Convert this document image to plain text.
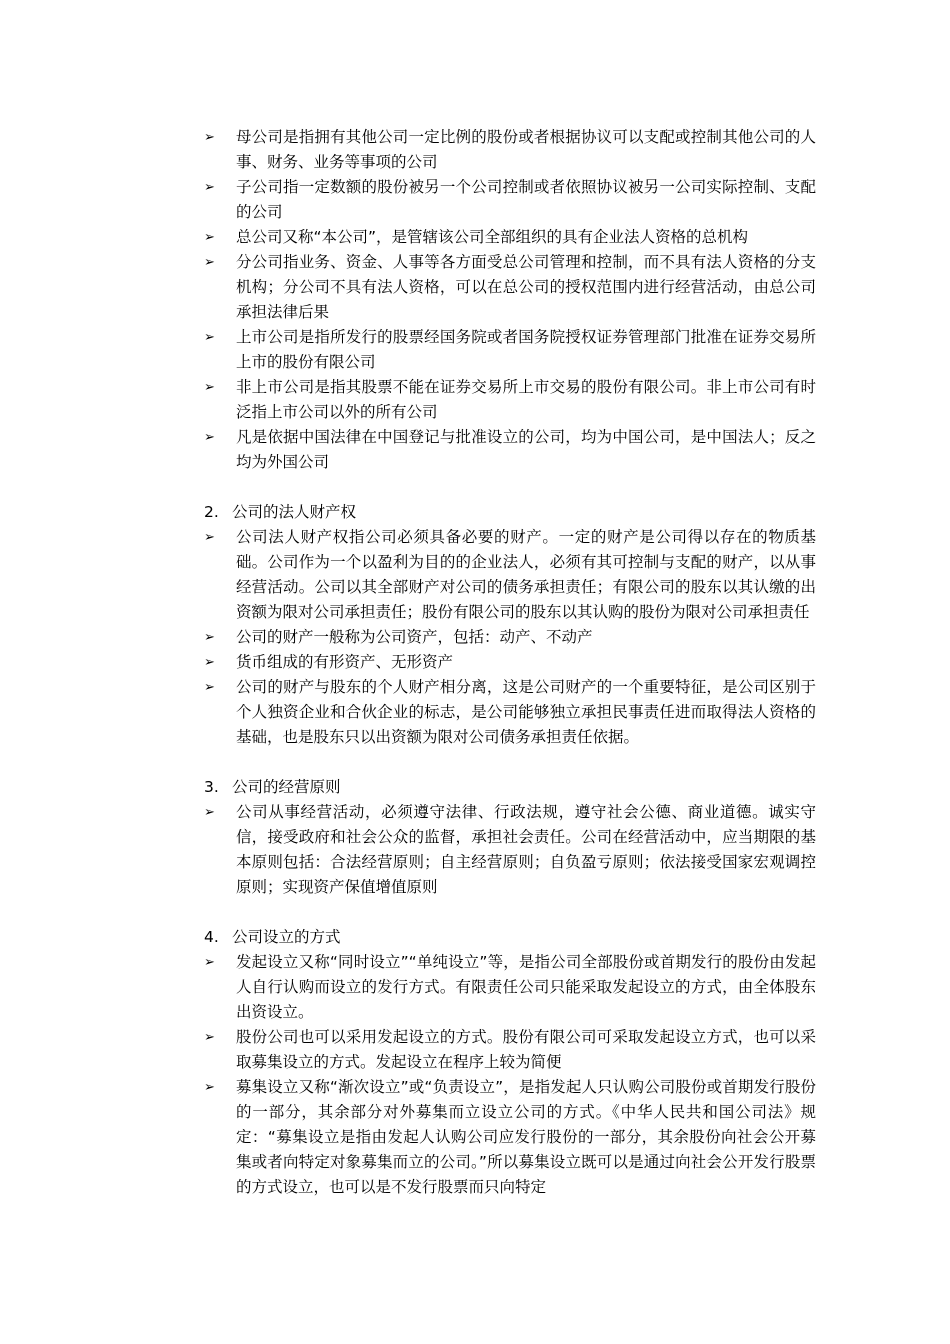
➢	母公司是指拥有其他公司一定比例的股份或者根据协议可以支配或控制其他公司的人事、财务、业务等事项的公司
➢	子公司指一定数额的股份被另一个公司控制或者依照协议被另一公司实际控制、支配的公司
➢	总公司又称“本公司”，是管辖该公司全部组织的具有企业法人资格的总机构
➢	分公司指业务、资金、人事等各方面受总公司管理和控制，而不具有法人资格的分支机构；分公司不具有法人资格，可以在总公司的授权范围内进行经营活动，由总公司承担法律后果
➢	上市公司是指所发行的股票经国务院或者国务院授权证券管理部门批准在证券交易所上市的股份有限公司
➢	非上市公司是指其股票不能在证券交易所上市交易的股份有限公司。非上市公司有时泛指上市公司以外的所有公司
➢	凡是依据中国法律在中国登记与批准设立的公司，均为中国公司，是中国法人；反之均为外国公司
2. 公司的法人财产权
➢	公司法人财产权指公司必须具备必要的财产。一定的财产是公司得以存在的物质基础。公司作为一个以盈利为目的的企业法人，必须有其可控制与支配的财产，以从事经营活动。公司以其全部财产对公司的债务承担责任；有限公司的股东以其认缴的出资额为限对公司承担责任；股份有限公司的股东以其认购的股份为限对公司承担责任
➢	公司的财产一般称为公司资产，包括：动产、不动产
➢	货币组成的有形资产、无形资产
➢	公司的财产与股东的个人财产相分离，这是公司财产的一个重要特征，是公司区别于个人独资企业和合伙企业的标志，是公司能够独立承担民事责任进而取得法人资格的基础，也是股东只以出资额为限对公司债务承担责任依据。
3. 公司的经营原则
➢	公司从事经营活动，必须遵守法律、行政法规，遵守社会公德、商业道德。诚实守信，接受政府和社会公众的监督，承担社会责任。公司在经营活动中，应当期限的基本原则包括：合法经营原则；自主经营原则；自负盈亏原则；依法接受国家宏观调控原则；实现资产保值增值原则
4. 公司设立的方式
➢	发起设立又称“同时设立”“单纯设立”等，是指公司全部股份或首期发行的股份由发起人自行认购而设立的发行方式。有限责任公司只能采取发起设立的方式，由全体股东出资设立。
➢	股份公司也可以采用发起设立的方式。股份有限公司可采取发起设立方式，也可以采取募集设立的方式。发起设立在程序上较为简便
➢	募集设立又称“渐次设立”或“负责设立”，是指发起人只认购公司股份或首期发行股份的一部分，其余部分对外募集而立设立公司的方式。《中华人民共和国公司法》规定：“募集设立是指由发起人认购公司应发行股份的一部分，其余股份向社会公开募集或者向特定对象募集而立的公司。”所以募集设立既可以是通过向社会公开发行股票的方式设立，也可以是不发行股票而只向特定
